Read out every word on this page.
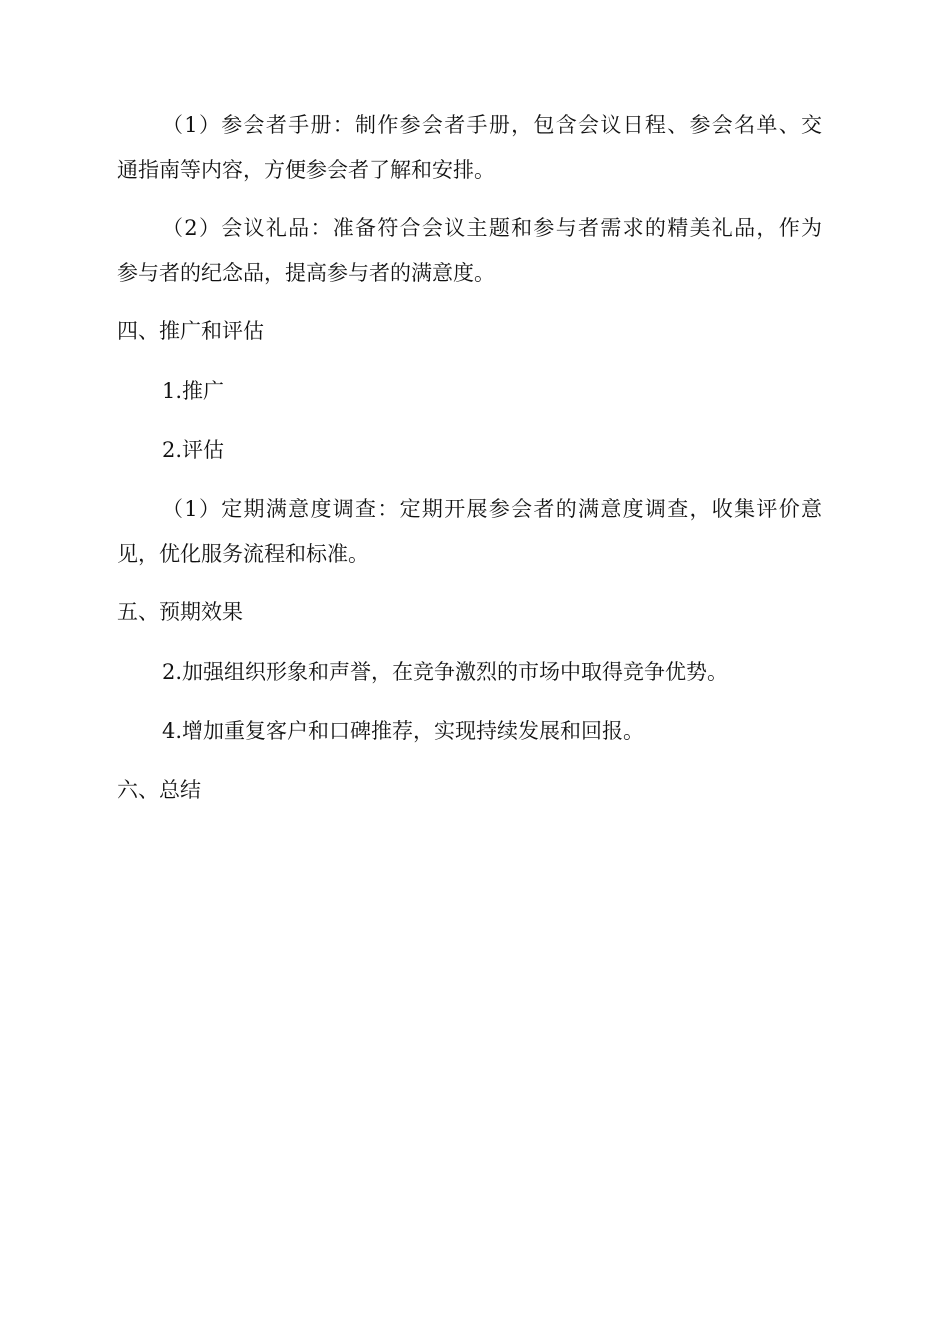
（1）参会者手册：制作参会者手册，包含会议日程、参会名单、交
通指南等内容，方便参会者了解和安排。
（2）会议礼品：准备符合会议主题和参与者需求的精美礼品，作为
参与者的纪念品，提高参与者的满意度。
四、推广和评估
1.推广
2.评估
（1）定期满意度调查：定期开展参会者的满意度调查，收集评价意
见，优化服务流程和标准。
五、预期效果
2.加强组织形象和声誉，在竞争激烈的市场中取得竞争优势。
4.增加重复客户和口碑推荐，实现持续发展和回报。
六、总结
